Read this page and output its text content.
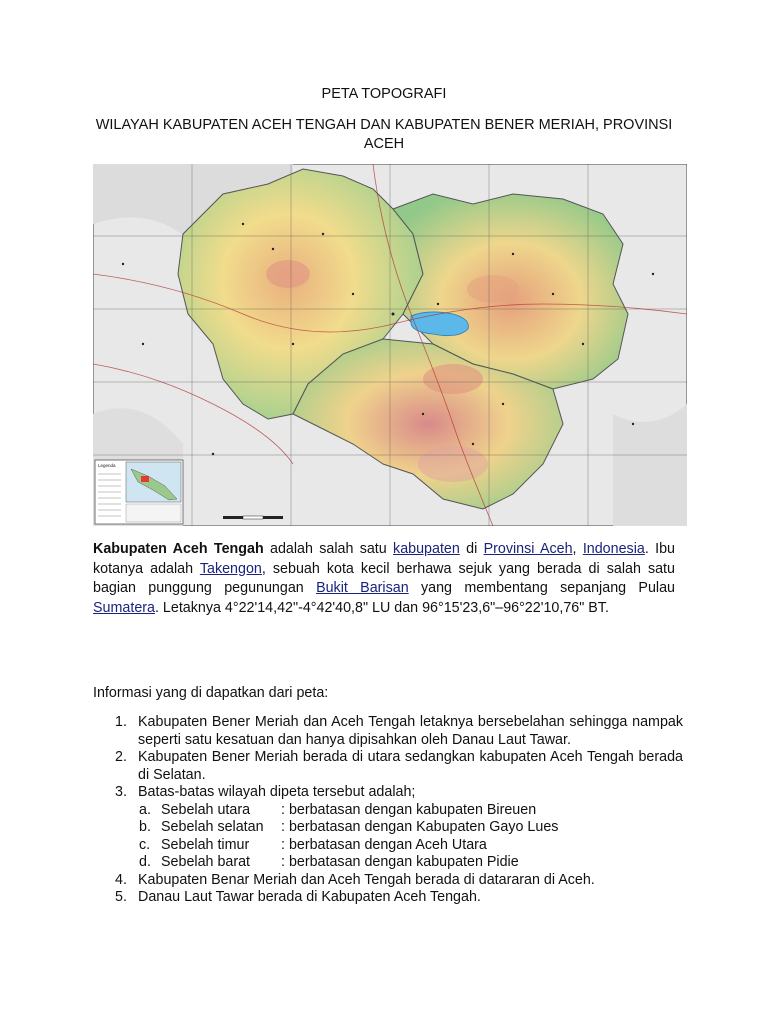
PETA TOPOGRAFI
WILAYAH KABUPATEN ACEH TENGAH DAN KABUPATEN BENER MERIAH, PROVINSI ACEH
Legenda
Kabupaten Aceh Tengah adalah salah satu kabupaten di Provinsi Aceh, Indonesia. Ibu kotanya adalah Takengon, sebuah kota kecil berhawa sejuk yang berada di salah satu bagian punggung pegunungan Bukit Barisan yang membentang sepanjang Pulau Sumatera. Letaknya 4°22'14,42"-4°42'40,8" LU dan 96°15'23,6"–96°22'10,76" BT.
Informasi yang di dapatkan dari peta:
1. Kabupaten Bener Meriah dan Aceh Tengah letaknya bersebelahan sehingga nampak seperti satu kesatuan dan hanya dipisahkan oleh Danau Laut Tawar.
2. Kabupaten Bener Meriah berada di utara sedangkan kabupaten Aceh Tengah berada di Selatan.
3. Batas-batas wilayah dipeta tersebut adalah;
a. Sebelah utara : berbatasan dengan kabupaten Bireuen
b. Sebelah selatan : berbatasan dengan Kabupaten Gayo Lues
c. Sebelah timur : berbatasan dengan Aceh Utara
d. Sebelah barat : berbatasan dengan kabupaten Pidie
4. Kabupaten Benar Meriah dan Aceh Tengah berada di datararan di Aceh.
5. Danau Laut Tawar berada di Kabupaten Aceh Tengah.
